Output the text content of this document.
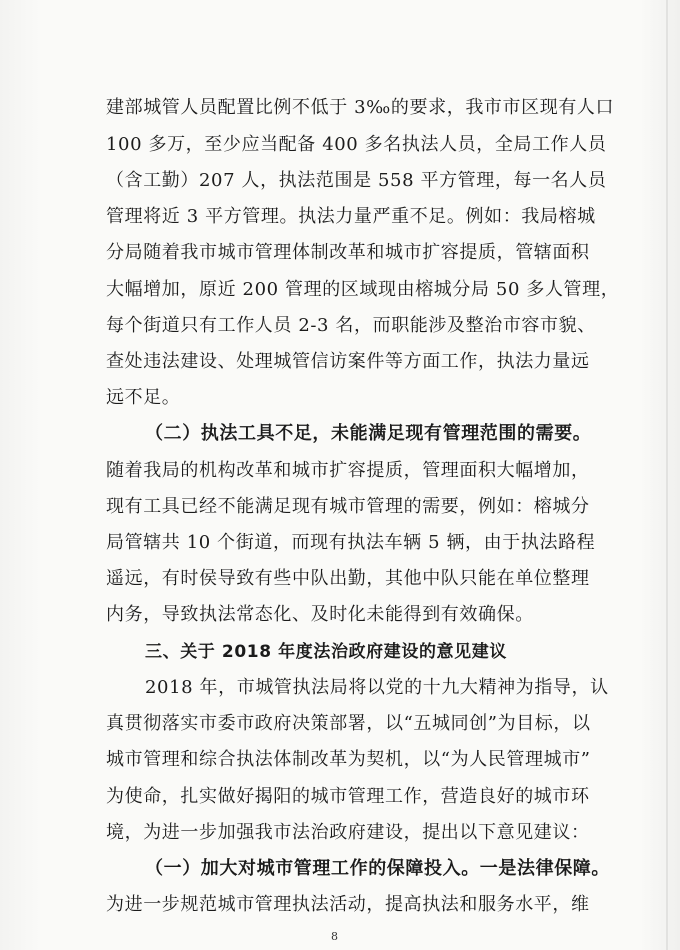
建部城管人员配置比例不低于 3‰的要求，我市市区现有人口
100 多万，至少应当配备 400 多名执法人员，全局工作人员
（含工勤）207 人，执法范围是 558 平方管理，每一名人员
管理将近 3 平方管理。执法力量严重不足。例如：我局榕城
分局随着我市城市管理体制改革和城市扩容提质，管辖面积
大幅增加，原近 200 管理的区域现由榕城分局 50 多人管理，
每个街道只有工作人员 2-3 名，而职能涉及整治市容市貌、
查处违法建设、处理城管信访案件等方面工作，执法力量远
远不足。
（二）执法工具不足，未能满足现有管理范围的需要。
随着我局的机构改革和城市扩容提质，管理面积大幅增加，
现有工具已经不能满足现有城市管理的需要，例如：榕城分
局管辖共 10 个街道，而现有执法车辆 5 辆，由于执法路程
遥远，有时侯导致有些中队出勤，其他中队只能在单位整理
内务，导致执法常态化、及时化未能得到有效确保。
三、关于 2018 年度法治政府建设的意见建议
2018 年，市城管执法局将以党的十九大精神为指导，认
真贯彻落实市委市政府决策部署，以“五城同创”为目标，以
城市管理和综合执法体制改革为契机，以“为人民管理城市”
为使命，扎实做好揭阳的城市管理工作，营造良好的城市环
境，为进一步加强我市法治政府建设，提出以下意见建议：
（一）加大对城市管理工作的保障投入。一是法律保障。
为进一步规范城市管理执法活动，提高执法和服务水平，维
8
